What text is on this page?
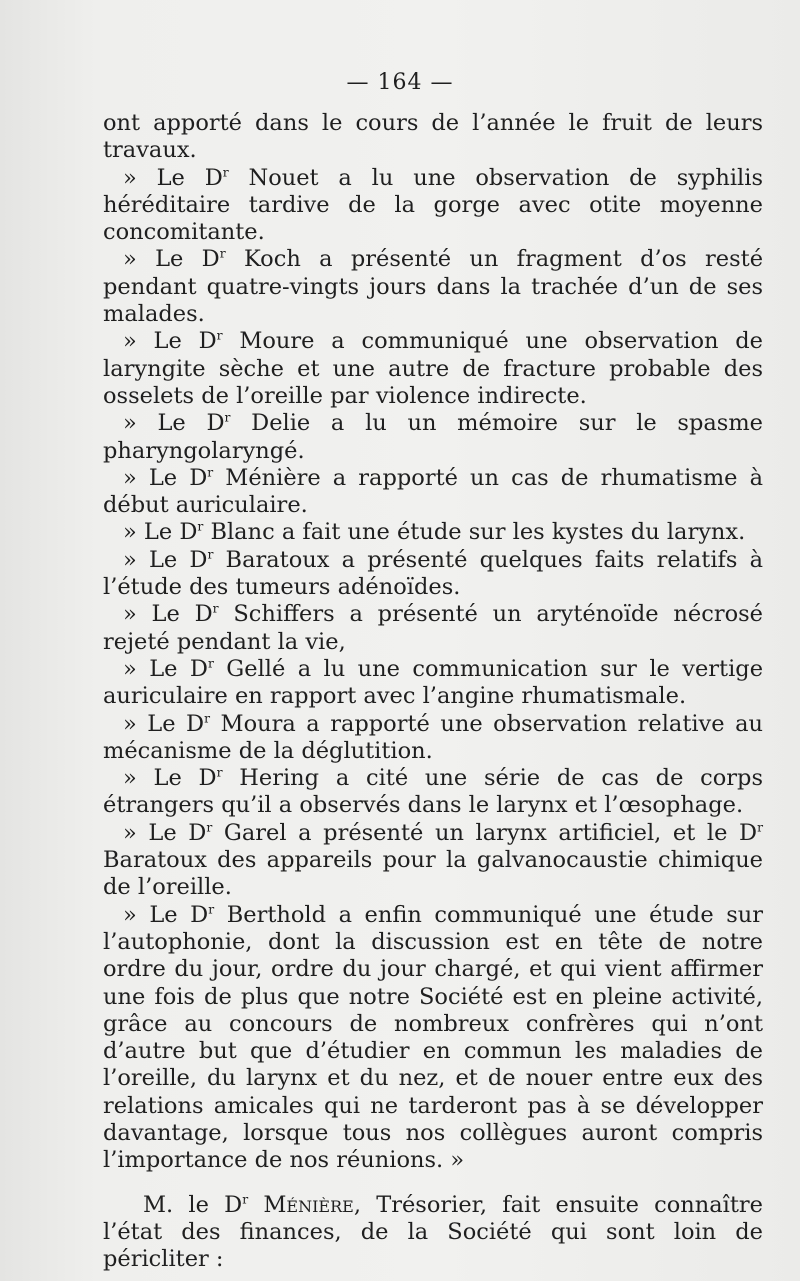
— 164 —

ont apporté dans le cours de l’année le fruit de leurs travaux.

» Le $D^r$ Nouet a lu une observation de syphilis héréditaire tardive de la gorge avec otite moyenne concomitante.

» Le $D^r$ Koch a présenté un fragment d’os resté pendant quatre-vingts jours dans la trachée d’un de ses malades.

» Le $D^r$ Moure a communiqué une observation de laryngite sèche et une autre de fracture probable des osselets de l’oreille par violence indirecte.

» Le $D^r$ Delie a lu un mémoire sur le spasme pharyngolaryngé.

» Le $D^r$ Ménière a rapporté un cas de rhumatisme à début auriculaire.

» Le $D^r$ Blanc a fait une étude sur les kystes du larynx.

» Le $D^r$ Baratoux a présenté quelques faits relatifs à l’étude des tumeurs adénoïdes.

» Le $D^r$ Schiffers a présenté un aryténoïde nécrosé rejeté pendant la vie,

» Le $D^r$ Gellé a lu une communication sur le vertige auriculaire en rapport avec l’angine rhumatismale.

» Le $D^r$ Moura a rapporté une observation relative au mécanisme de la déglutition.

» Le $D^r$ Hering a cité une série de cas de corps étrangers qu’il a observés dans le larynx et l’œsophage.

» Le $D^r$ Garel a présenté un larynx artificiel, et le $D^r$ Baratoux des appareils pour la galvanocaustie chimique de l’oreille.

» Le $D^r$ Berthold a enfin communiqué une étude sur l’autophonie, dont la discussion est en tête de notre ordre du jour, ordre du jour chargé, et qui vient affirmer une fois de plus que notre Société est en pleine activité, grâce au concours de nombreux confrères qui n’ont d’autre but que d’étudier en commun les maladies de l’oreille, du larynx et du nez, et de nouer entre eux des relations amicales qui ne tarderont pas à se développer davantage, lorsque tous nos collègues auront compris l’importance de nos réunions. »

M. le $D^r$ Ménière, Trésorier, fait ensuite connaître l’état des finances, de la Société qui sont loin de péricliter :
